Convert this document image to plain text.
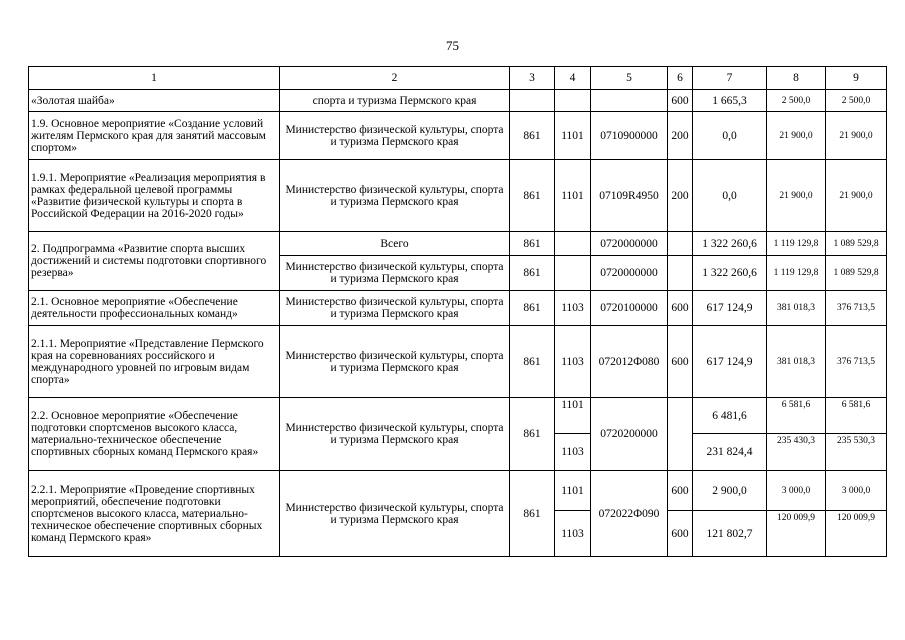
75
1	2	3	4	5	6	7	8	9
«Золотая шайба»	спорта и туризма Пермского края				600	1 665,3	2 500,0	2 500,0
1.9. Основное мероприятие «Создание условий жителям Пермского края для занятий массовым спортом»	Министерство физической культуры, спорта и туризма Пермского края	861	1101	0710900000	200	0,0	21 900,0	21 900,0
1.9.1. Мероприятие «Реализация мероприятия в рамках федеральной целевой программы «Развитие физической культуры и спорта в Российской Федерации на 2016-2020 годы»	Министерство физической культуры, спорта и туризма Пермского края	861	1101	07109R4950	200	0,0	21 900,0	21 900,0
2. Подпрограмма «Развитие спорта высших достижений и системы подготовки спортивного резерва»	Всего	861		0720000000		1 322 260,6	1 119 129,8	1 089 529,8
	Министерство физической культуры, спорта и туризма Пермского края	861		0720000000		1 322 260,6	1 119 129,8	1 089 529,8
2.1. Основное мероприятие «Обеспечение деятельности профессиональных команд»	Министерство физической культуры, спорта и туризма Пермского края	861	1103	0720100000	600	617 124,9	381 018,3	376 713,5
2.1.1. Мероприятие «Представление Пермского края на соревнованиях российского и международного уровней по игровым видам спорта»	Министерство физической культуры, спорта и туризма Пермского края	861	1103	072012Ф080	600	617 124,9	381 018,3	376 713,5
2.2. Основное мероприятие «Обеспечение подготовки спортсменов высокого класса, материально-техническое обеспечение спортивных сборных команд Пермского края»	Министерство физической культуры, спорта и туризма Пермского края	861	1101	0720200000		6 481,6	6 581,6	6 581,6
			1103			231 824,4	235 430,3	235 530,3
2.2.1. Мероприятие «Проведение спортивных мероприятий, обеспечение подготовки спортсменов высокого класса, материально-техническое обеспечение спортивных сборных команд Пермского края»	Министерство физической культуры, спорта и туризма Пермского края	861	1101	072022Ф090	600	2 900,0	3 000,0	3 000,0
			1103		600	121 802,7	120 009,9	120 009,9
